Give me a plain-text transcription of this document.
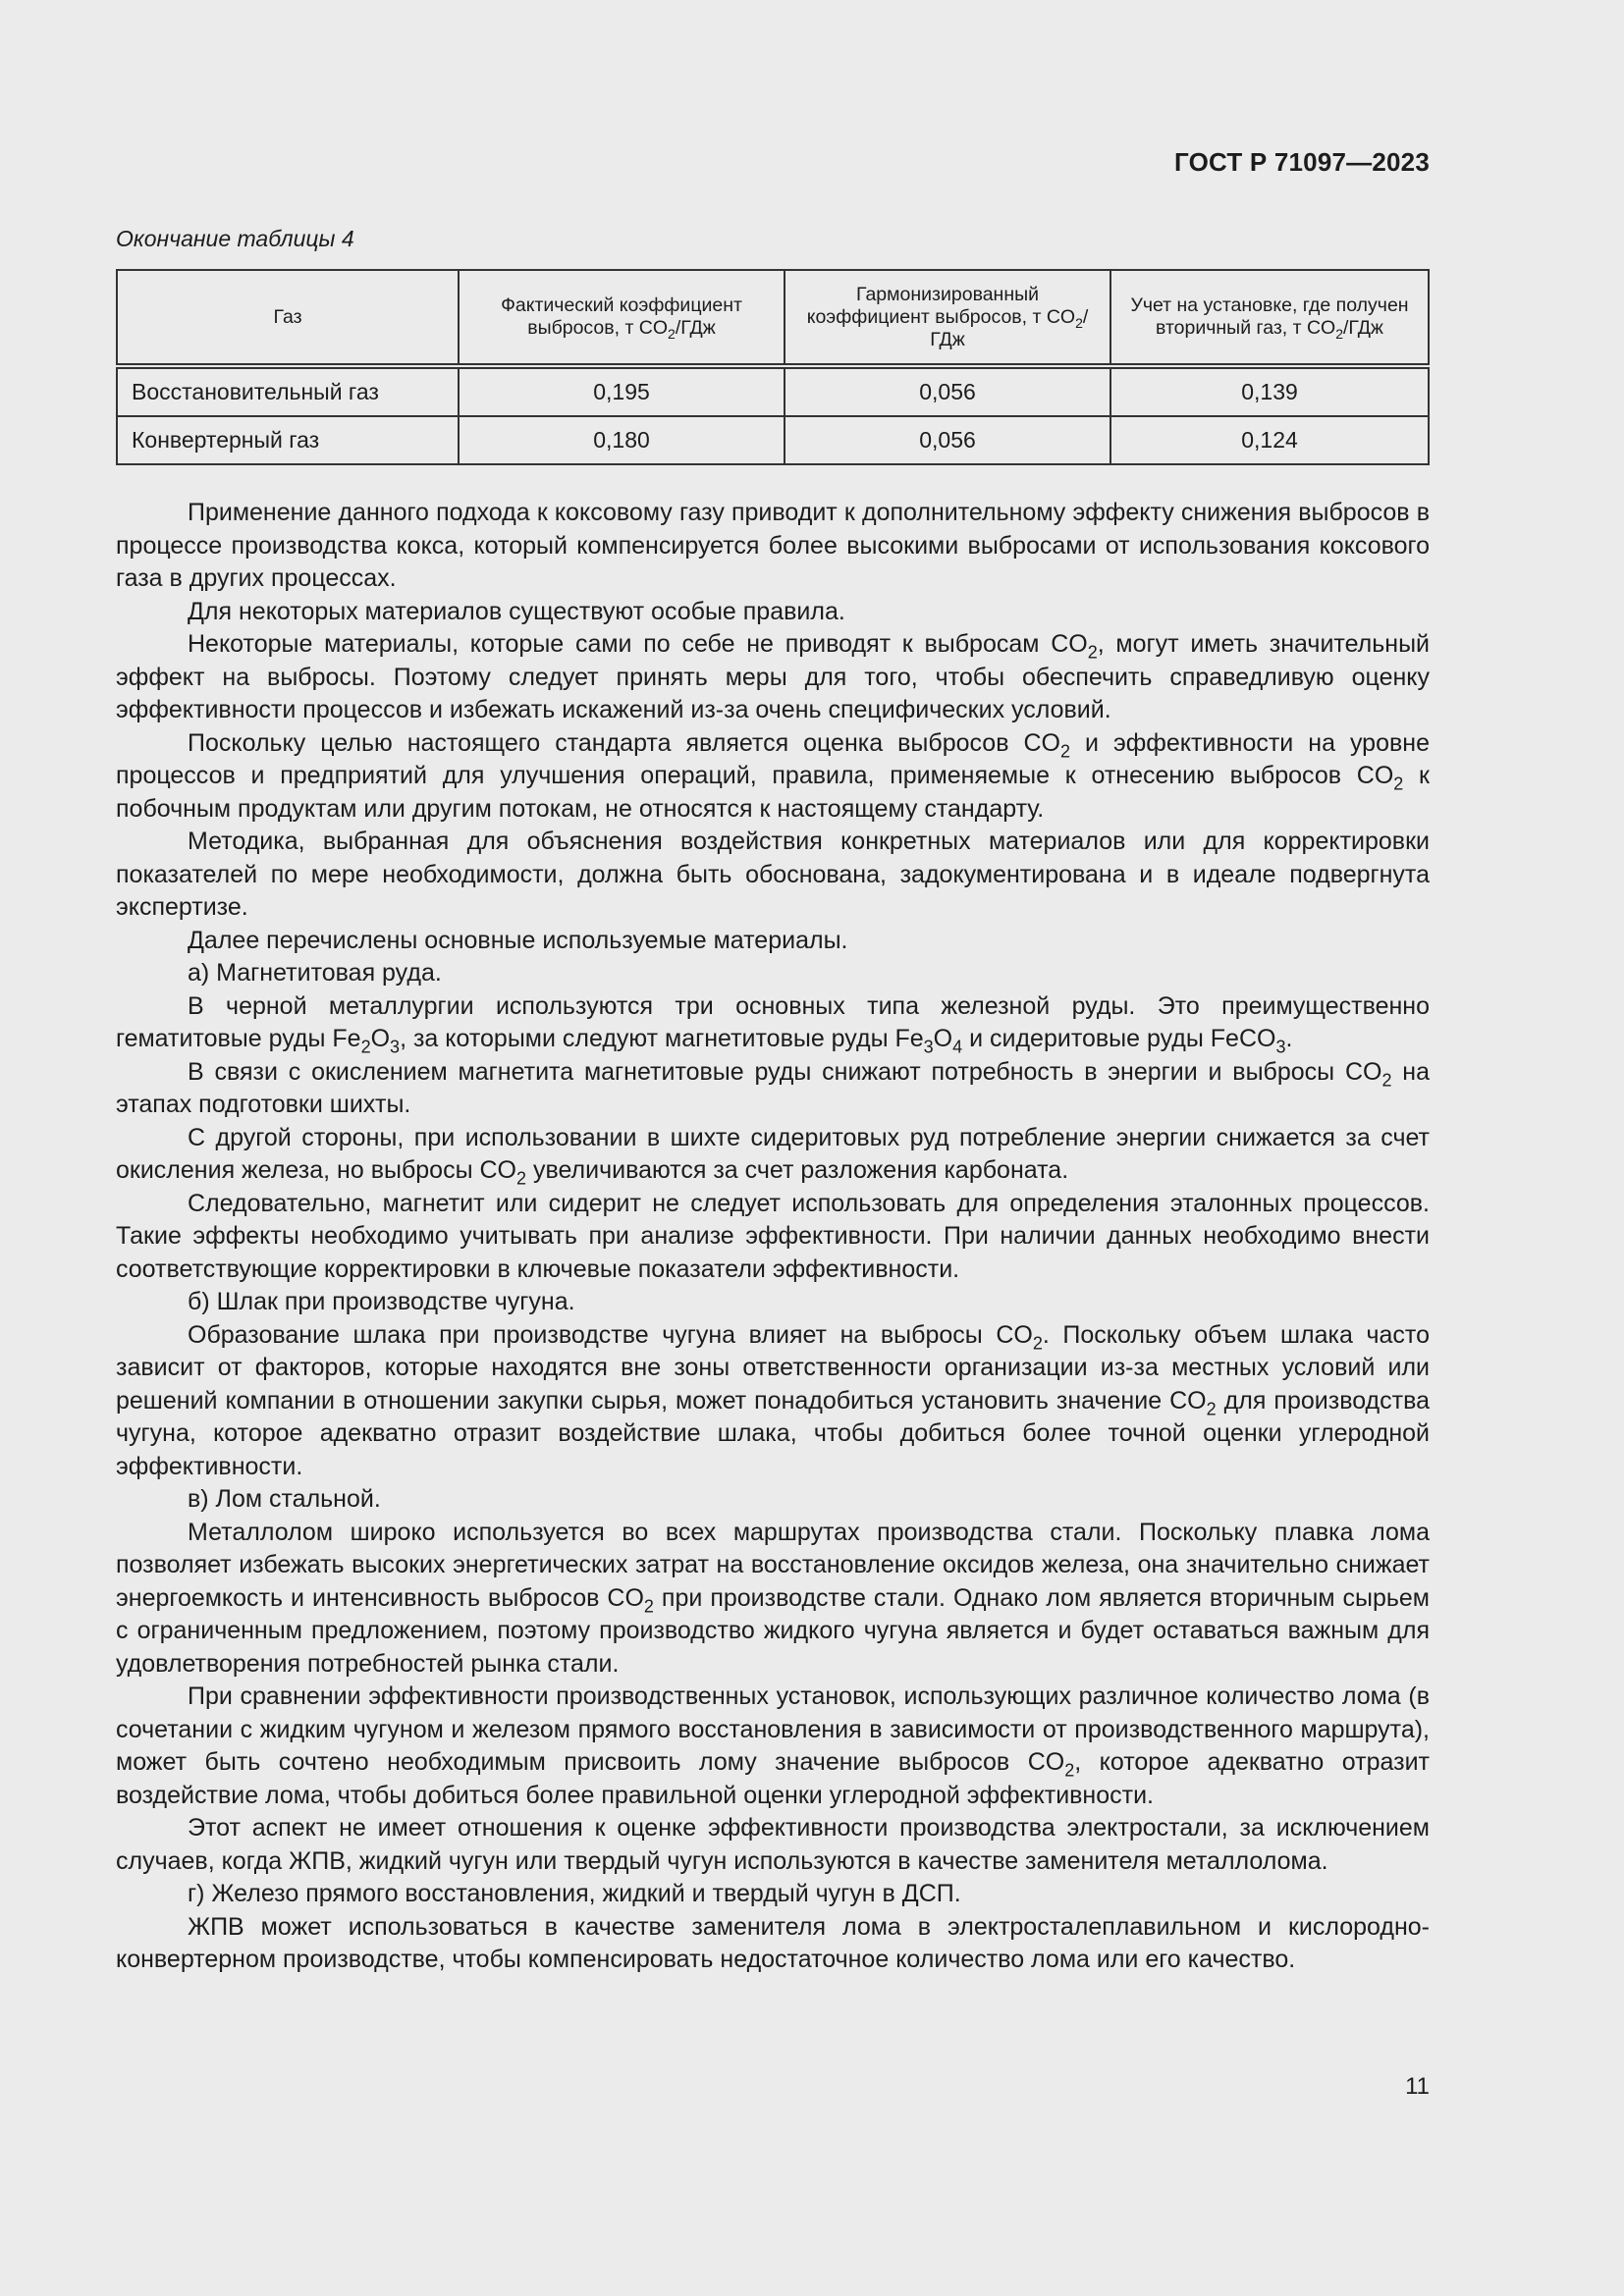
ГОСТ Р 71097—2023
Окончание таблицы 4
Газ	Фактический коэффициент выбросов, т $CO_2$/ГДж	Гармонизированный коэффициент выбросов, т $CO_2$/ГДж	Учет на установке, где получен вторичный газ, т $CO_2$/ГДж
Восстановительный газ	0,195	0,056	0,139
Конвертерный газ	0,180	0,056	0,124

Применение данного подхода к коксовому газу приводит к дополнительному эффекту снижения выбросов в процессе производства кокса, который компенсируется более высокими выбросами от использования коксового газа в других процессах.

Для некоторых материалов существуют особые правила.

Некоторые материалы, которые сами по себе не приводят к выбросам $CO_2$, могут иметь значительный эффект на выбросы. Поэтому следует принять меры для того, чтобы обеспечить справедливую оценку эффективности процессов и избежать искажений из-за очень специфических условий.

Поскольку целью настоящего стандарта является оценка выбросов $CO_2$ и эффективности на уровне процессов и предприятий для улучшения операций, правила, применяемые к отнесению выбросов $CO_2$ к побочным продуктам или другим потокам, не относятся к настоящему стандарту.

Методика, выбранная для объяснения воздействия конкретных материалов или для корректировки показателей по мере необходимости, должна быть обоснована, задокументирована и в идеале подвергнута экспертизе.

Далее перечислены основные используемые материалы.

а) Магнетитовая руда.

В черной металлургии используются три основных типа железной руды. Это преимущественно гематитовые руды $Fe_2O_3$, за которыми следуют магнетитовые руды $Fe_3O_4$ и сидеритовые руды FeCO$_3$.

В связи с окислением магнетита магнетитовые руды снижают потребность в энергии и выбросы $CO_2$ на этапах подготовки шихты.

С другой стороны, при использовании в шихте сидеритовых руд потребление энергии снижается за счет окисления железа, но выбросы $CO_2$ увеличиваются за счет разложения карбоната.

Следовательно, магнетит или сидерит не следует использовать для определения эталонных процессов. Такие эффекты необходимо учитывать при анализе эффективности. При наличии данных необходимо внести соответствующие корректировки в ключевые показатели эффективности.

б) Шлак при производстве чугуна.

Образование шлака при производстве чугуна влияет на выбросы $CO_2$. Поскольку объем шлака часто зависит от факторов, которые находятся вне зоны ответственности организации из-за местных условий или решений компании в отношении закупки сырья, может понадобиться установить значение $CO_2$ для производства чугуна, которое адекватно отразит воздействие шлака, чтобы добиться более точной оценки углеродной эффективности.

в) Лом стальной.

Металлолом широко используется во всех маршрутах производства стали. Поскольку плавка лома позволяет избежать высоких энергетических затрат на восстановление оксидов железа, она значительно снижает энергоемкость и интенсивность выбросов $CO_2$ при производстве стали. Однако лом является вторичным сырьем с ограниченным предложением, поэтому производство жидкого чугуна является и будет оставаться важным для удовлетворения потребностей рынка стали.

При сравнении эффективности производственных установок, использующих различное количество лома (в сочетании с жидким чугуном и железом прямого восстановления в зависимости от производственного маршрута), может быть сочтено необходимым присвоить лому значение выбросов $CO_2$, которое адекватно отразит воздействие лома, чтобы добиться более правильной оценки углеродной эффективности.

Этот аспект не имеет отношения к оценке эффективности производства электростали, за исключением случаев, когда ЖПВ, жидкий чугун или твердый чугун используются в качестве заменителя металлолома.

г) Железо прямого восстановления, жидкий и твердый чугун в ДСП.

ЖПВ может использоваться в качестве заменителя лома в электросталеплавильном и кислородно-конвертерном производстве, чтобы компенсировать недостаточное количество лома или его качество.

11
